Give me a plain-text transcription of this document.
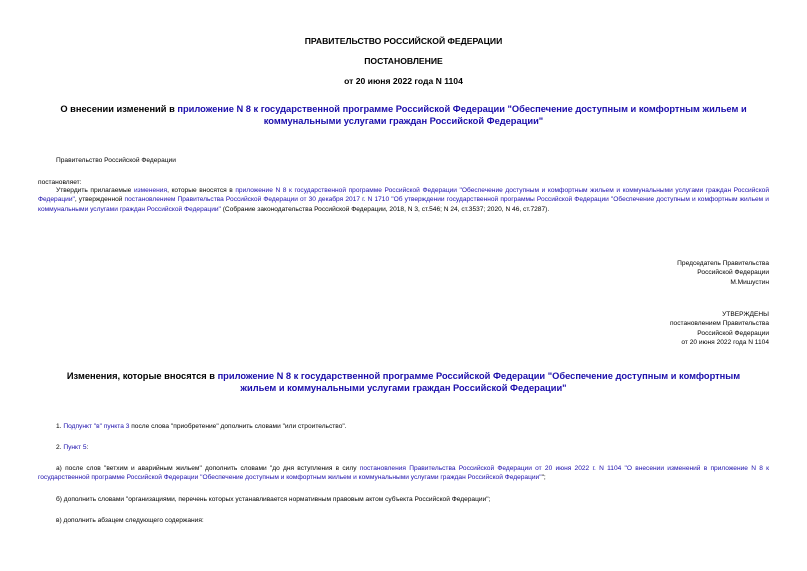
ПРАВИТЕЛЬСТВО РОССИЙСКОЙ ФЕДЕРАЦИИ
ПОСТАНОВЛЕНИЕ
от 20 июня 2022 года N 1104
О внесении изменений в приложение N 8 к государственной программе Российской Федерации "Обеспечение доступным и комфортным жильем и коммунальными услугами граждан Российской Федерации"
Правительство Российской Федерации
постановляет:
Утвердить прилагаемые изменения, которые вносятся в приложение N 8 к государственной программе Российской Федерации "Обеспечение доступным и комфортным жильем и коммунальными услугами граждан Российской Федерации", утвержденной постановлением Правительства Российской Федерации от 30 декабря 2017 г. N 1710 "Об утверждении государственной программы Российской Федерации "Обеспечение доступным и комфортным жильем и коммунальными услугами граждан Российской Федерации" (Собрание законодательства Российской Федерации, 2018, N 3, ст.546; N 24, ст.3537; 2020, N 46, ст.7287).
Председатель Правительства
Российской Федерации
М.Мишустин
УТВЕРЖДЕНЫ
постановлением Правительства
Российской Федерации
от 20 июня 2022 года N 1104
Изменения, которые вносятся в приложение N 8 к государственной программе Российской Федерации "Обеспечение доступным и комфортным жильем и коммунальными услугами граждан Российской Федерации"
1. Подпункт "в" пункта 3 после слова "приобретение" дополнить словами "или строительство".
2. Пункт 5:
а) после слов "ветхим и аварийным жильем" дополнить словами "до дня вступления в силу постановления Правительства Российской Федерации от 20 июня 2022 г. N 1104 "О внесении изменений в приложение N 8 к государственной программе Российской Федерации "Обеспечение доступным и комфортным жильем и коммунальными услугами граждан Российской Федерации"";
б) дополнить словами "организациями, перечень которых устанавливается нормативным правовым актом субъекта Российской Федерации";
в) дополнить абзацем следующего содержания:
